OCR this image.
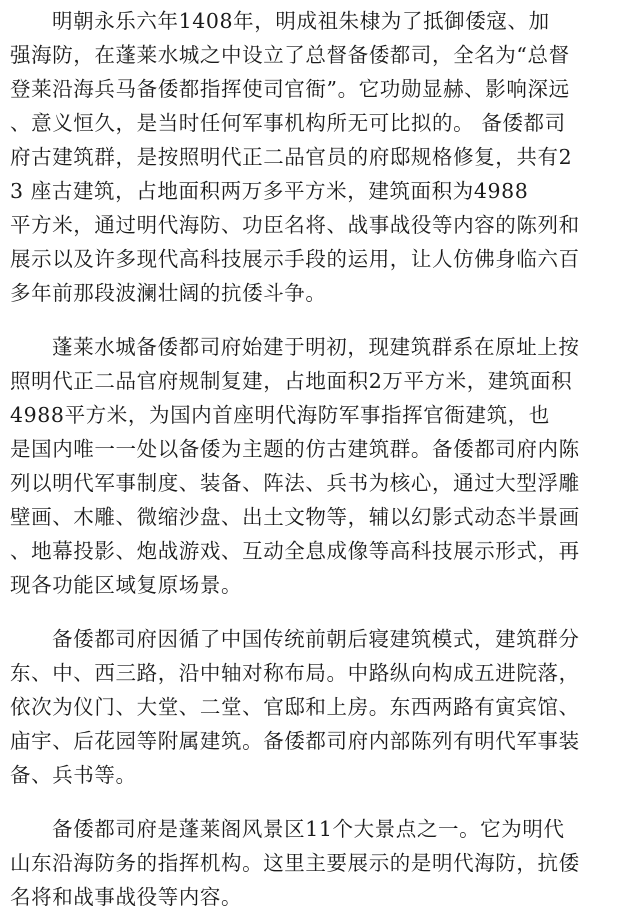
明朝永乐六年1408年，明成祖朱棣为了抵御倭寇、加
强海防，在蓬莱水城之中设立了总督备倭都司，全名为“总督
登莱沿海兵马备倭都指挥使司官衙”。它功勋显赫、影响深远
、意义恒久，是当时任何军事机构所无可比拟的。 备倭都司
府古建筑群，是按照明代正二品官员的府邸规格修复，共有2
3 座古建筑，占地面积两万多平方米，建筑面积为4988
平方米，通过明代海防、功臣名将、战事战役等内容的陈列和
展示以及许多现代高科技展示手段的运用，让人仿佛身临六百
多年前那段波澜壮阔的抗倭斗争。
蓬莱水城备倭都司府始建于明初，现建筑群系在原址上按
照明代正二品官府规制复建，占地面积2万平方米，建筑面积
4988平方米，为国内首座明代海防军事指挥官衙建筑，也
是国内唯一一处以备倭为主题的仿古建筑群。备倭都司府内陈
列以明代军事制度、装备、阵法、兵书为核心，通过大型浮雕
壁画、木雕、微缩沙盘、出土文物等，辅以幻影式动态半景画
、地幕投影、炮战游戏、互动全息成像等高科技展示形式，再
现各功能区域复原场景。
备倭都司府因循了中国传统前朝后寝建筑模式，建筑群分
东、中、西三路，沿中轴对称布局。中路纵向构成五进院落，
依次为仪门、大堂、二堂、官邸和上房。东西两路有寅宾馆、
庙宇、后花园等附属建筑。备倭都司府内部陈列有明代军事装
备、兵书等。
备倭都司府是蓬莱阁风景区11个大景点之一。它为明代
山东沿海防务的指挥机构。这里主要展示的是明代海防，抗倭
名将和战事战役等内容。
